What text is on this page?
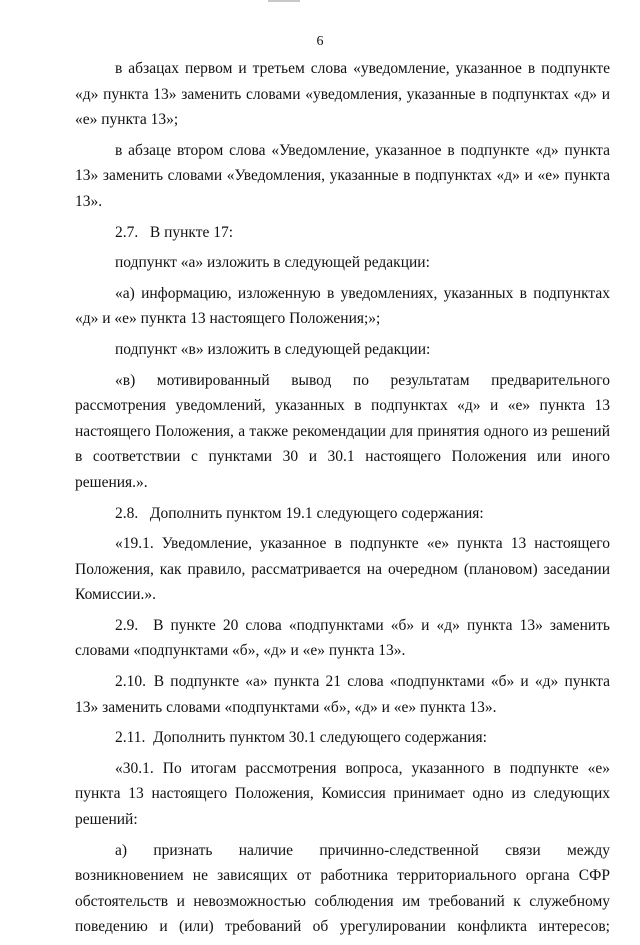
6

в абзацах первом и третьем слова «уведомление, указанное в подпункте «д» пункта 13» заменить словами «уведомления, указанные в подпунктах «д» и «е» пункта 13»;

в абзаце втором слова «Уведомление, указанное в подпункте «д» пункта 13» заменить словами «Уведомления, указанные в подпунктах «д» и «е» пункта 13».

2.7.  В пункте 17:

подпункт «а» изложить в следующей редакции:

«а) информацию, изложенную в уведомлениях, указанных в подпунктах «д» и «е» пункта 13 настоящего Положения;»;

подпункт «в» изложить в следующей редакции:

«в) мотивированный вывод по результатам предварительного рассмотрения уведомлений, указанных в подпунктах «д» и «е» пункта 13 настоящего Положения, а также рекомендации для принятия одного из решений в соответствии с пунктами 30 и 30.1 настоящего Положения или иного решения.».

2.8.  Дополнить пунктом 19.1 следующего содержания:

«19.1. Уведомление, указанное в подпункте «е» пункта 13 настоящего Положения, как правило, рассматривается на очередном (плановом) заседании Комиссии.».

2.9.  В пункте 20 слова «подпунктами «б» и «д» пункта 13» заменить словами «подпунктами «б», «д» и «е» пункта 13».

2.10. В подпункте «а» пункта 21 слова «подпунктами «б» и «д» пункта 13» заменить словами «подпунктами «б», «д» и «е» пункта 13».

2.11. Дополнить пунктом 30.1 следующего содержания:

«30.1. По итогам рассмотрения вопроса, указанного в подпункте «е» пункта 13 настоящего Положения, Комиссия принимает одно из следующих решений:

а) признать наличие причинно-следственной связи между возникновением не зависящих от работника территориального органа СФР обстоятельств и невозможностью соблюдения им требований к служебному поведению и (или) требований об урегулировании конфликта интересов;
